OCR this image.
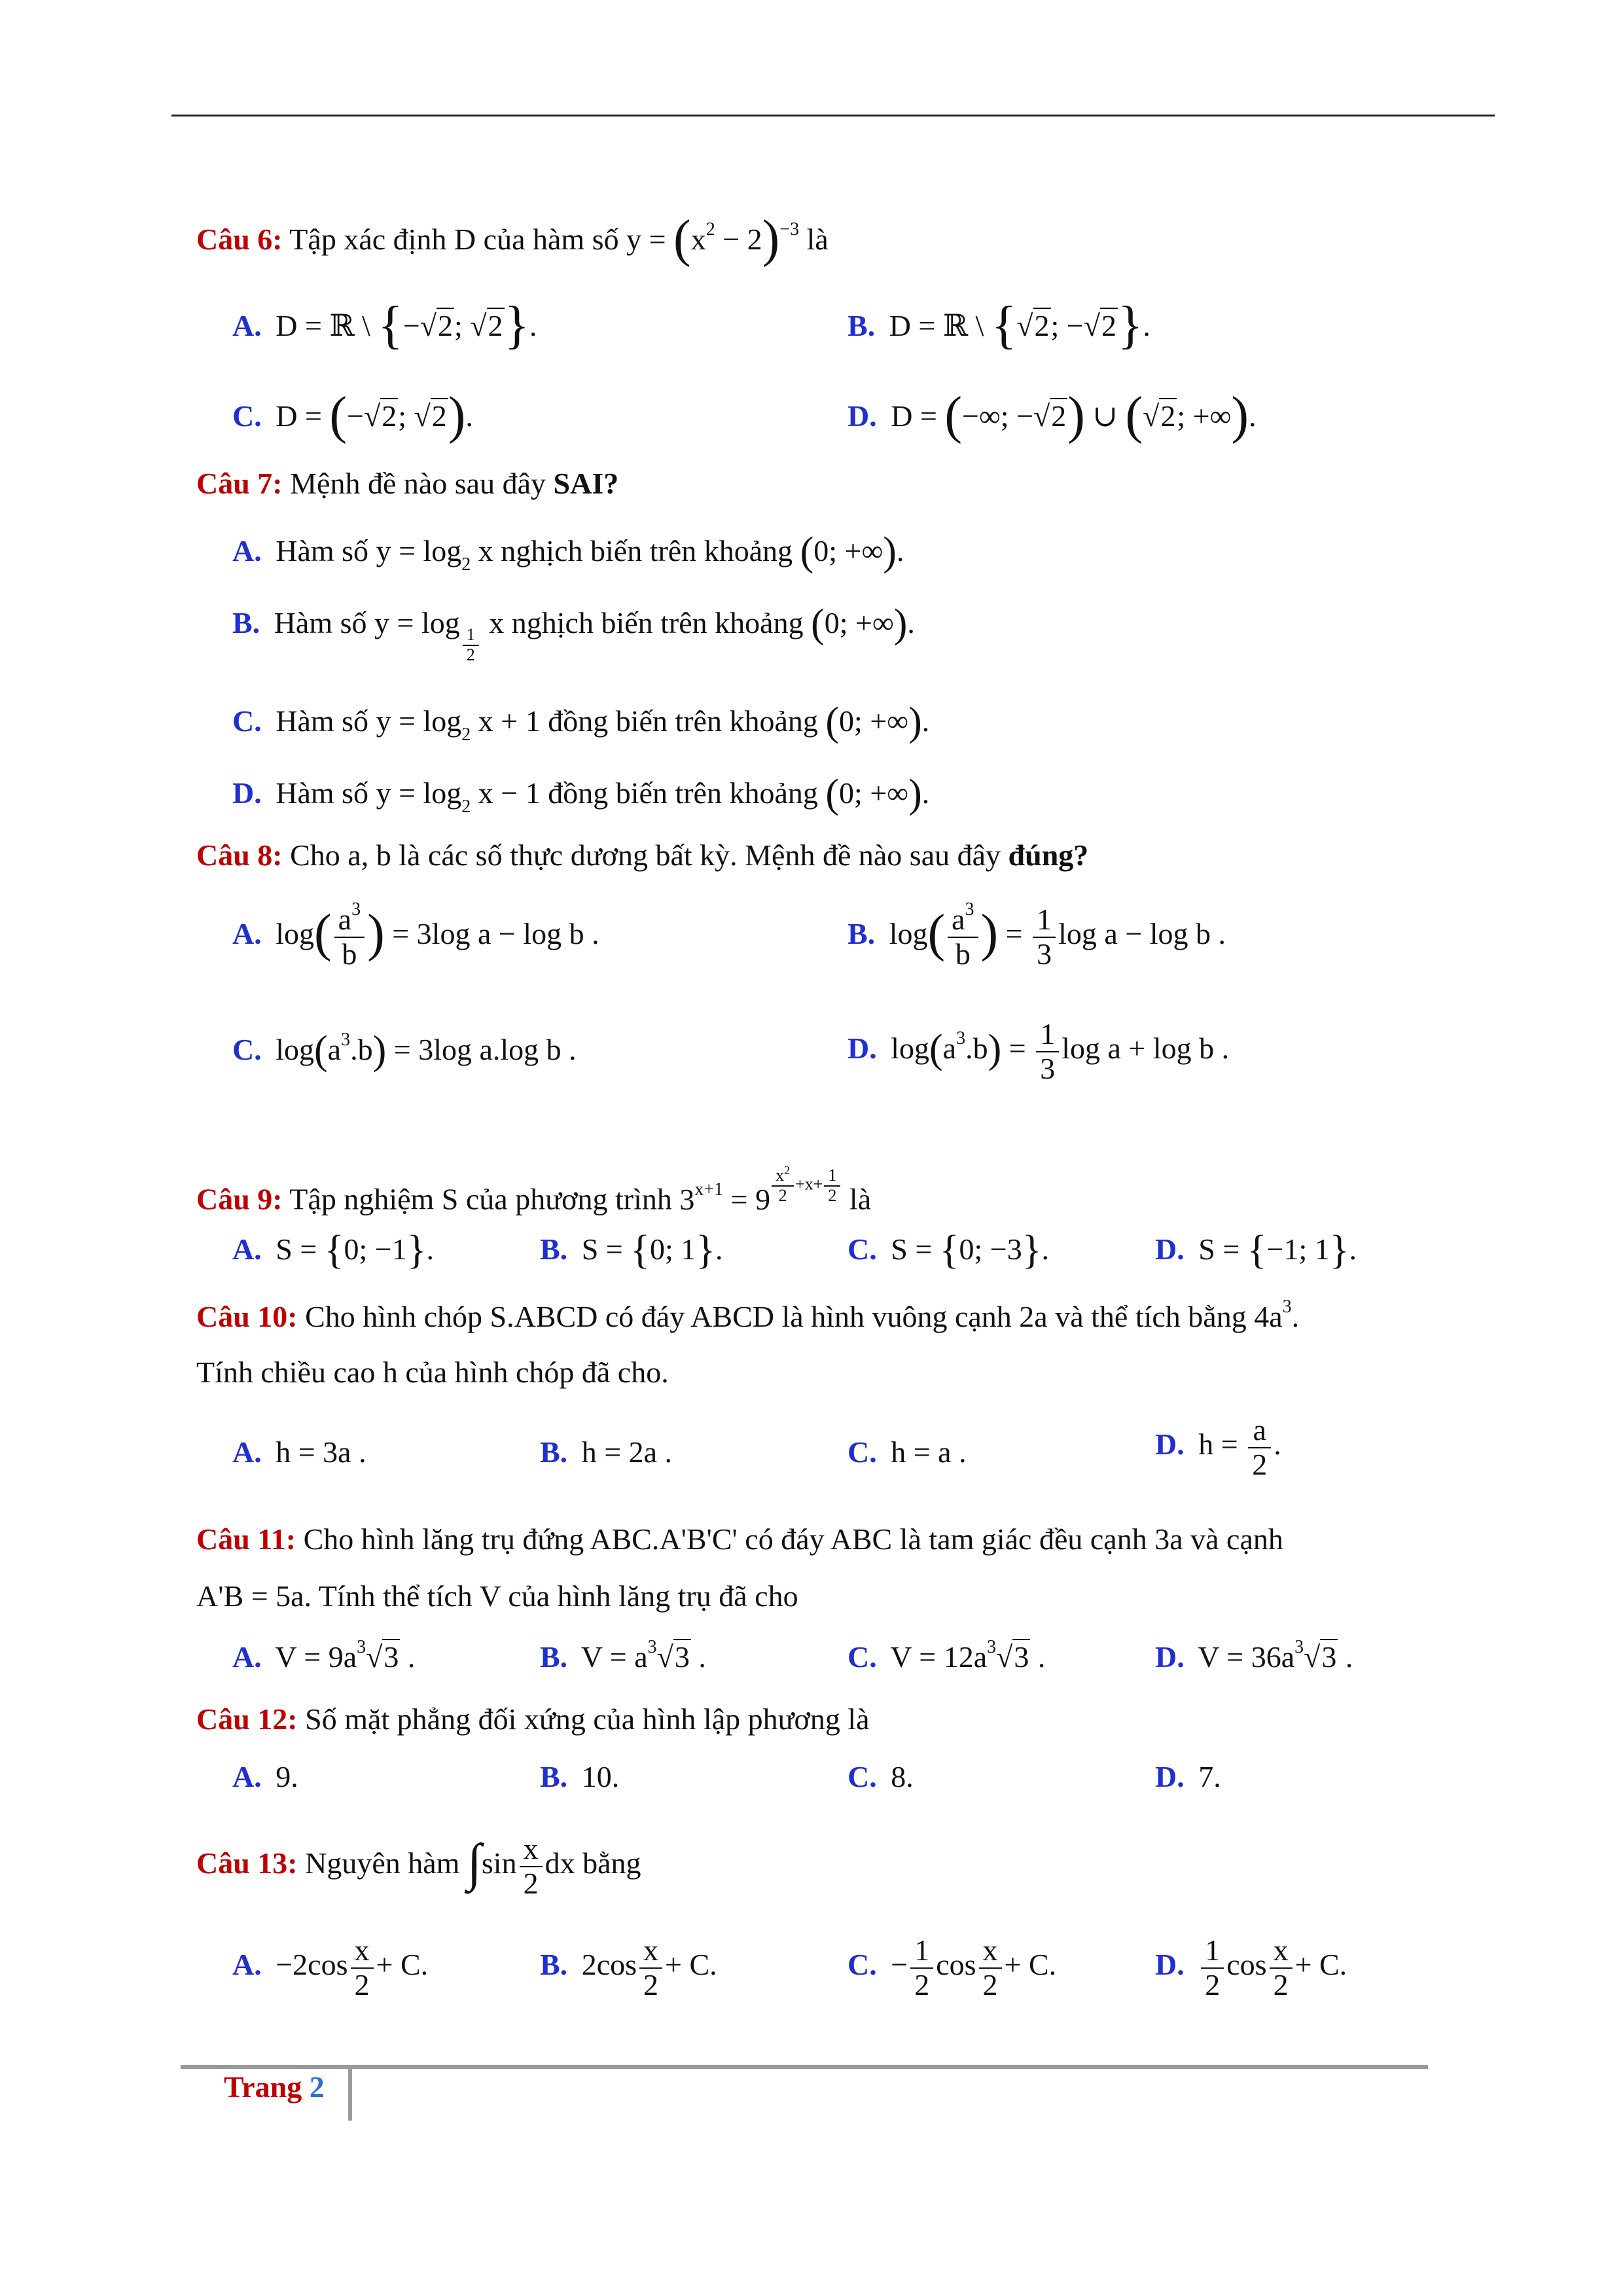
Câu 6: Tập xác định D của hàm số $y = (x^2 - 2)^{-3}$ là
A. D = ℝ \ {−√2; √2}.	B. D = ℝ \ {√2; −√2}.
C. D = (−√2; √2).	D. D = (−∞; −√2) ∪ (√2; +∞).
Câu 7: Mệnh đề nào sau đây SAI?
A. Hàm số $y = \log_2 x$ nghịch biến trên khoảng (0; +∞).
B. Hàm số y = log
$\frac{1}{2}$
x nghịch biến trên khoảng (0; +∞).
C. Hàm số $y = \log_2 x + 1$ đồng biến trên khoảng (0; +∞).
D. Hàm số $y = \log_2 x - 1$ đồng biến trên khoảng (0; +∞).
Câu 8: Cho a, b là các số thực dương bất kỳ. Mệnh đề nào sau đây đúng?
A. $\log( \frac{a^3}{b}$ ) = 3log a − log b .	B. $\log( \frac{a^3}{b}$ ) = $\frac{1}{3}$ log a − log b .
C. $\log(a^3.b) = 3\log$ a.log b .	D. $\log(a^3.b) = \frac{1}{3}$ log a + log b .
Câu 9: Tập nghiệm S của phương trình $3^{x+1} = 9 \frac{x^2}{2} +x+ \frac{1}{2}$ là
A. S = {0; −1}.	B. S = {0; 1}.	C. S = {0; −3}.	D. S = {−1; 1}.
Câu 10: Cho hình chóp S.ABCD có đáy ABCD là hình vuông cạnh 2a và thể tích bằng $4a^3$.
Tính chiều cao h của hình chóp đã cho.
A. h = 3a .	B. h = 2a .	C. h = a .	D. $h = \frac{a}{2}$ .
Câu 11: Cho hình lăng trụ đứng ABC.A'B'C' có đáy ABC là tam giác đều cạnh 3a và cạnh
A'B = 5a. Tính thể tích V của hình lăng trụ đã cho
A. $V = 9a^3√3$ .	B. $V = a^3√3$ .	C. $V = 12a^3√3$ .	D. $V = 36a^3√3$ .
Câu 12: Số mặt phẳng đối xứng của hình lập phương là
A. 9.	B. 10.	C. 8.	D. 7.
Câu 13: Nguyên hàm $\int\sin \frac{x}{2}$ dx bằng
A. $-2\cos \frac{x}{2} + C$.	B. $2\cos \frac{x}{2} + C$.	C. − $\frac{1}{2}$ $\cos \frac{x}{2} + C$.	D. $\frac{1}{2}$ $\cos \frac{x}{2} + C$.
Trang 2
